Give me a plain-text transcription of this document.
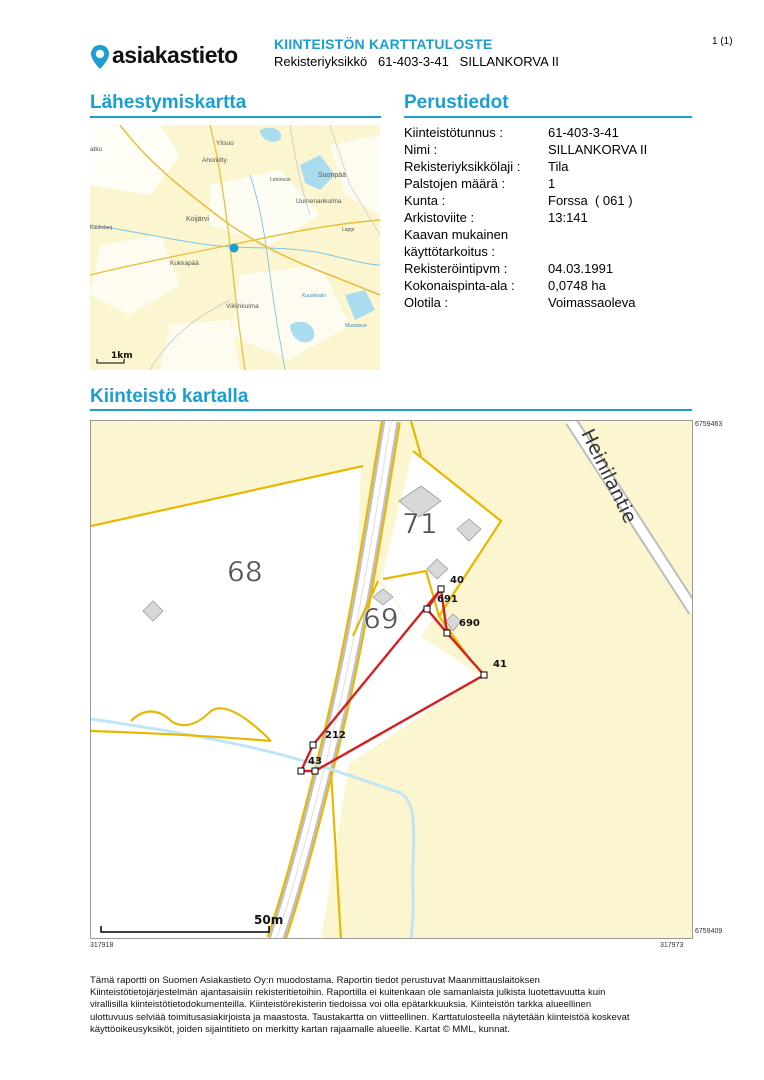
1 (1)
asiakastieto	KIINTEISTÖN KARTTATULOSTE
Rekisteriyksikkö   61-403-3-41   SILLANKORVA II
Lähestymiskartta
Ylisuo
Ahoniitty
Suonpää
Letonsuo
Uumenankulma
Koijärvi
Kukkapää
Viikinkulma
Kuusikoski
Mustasuo
atku
Kaukolanj	Lappi
1km
Perustiedot
Kiinteistötunnus :	61-403-3-41
Nimi :	SILLANKORVA II
Rekisteriyksikkölaji : Tila
Palstojen määrä :	1
Kunta :	Forssa  ( 061 )
Arkistoviite :	13:141
Kaavan mukainen
käyttötarkoitus :
Rekisteröintipvm :	04.03.1991
Kokonaispinta-ala :	0,0748 ha
Olotila :	Voimassaoleva
Kiinteistö kartalla
71
68
69
Heinilantie
40
691
690
41
212
43
50m
6759463
6759409
317918	317973
Tämä raportti on Suomen Asiakastieto Oy:n muodostama. Raportin tiedot perustuvat Maanmittauslaitoksen
Kiinteistötietojärjestelmän ajantasaisiin rekisteritietoihin. Raportilla ei kuitenkaan ole samanlaista julkista luotettavuutta kuin
virallisilla kiinteistötietodokumenteilla. Kiinteistörekisterin tiedoissa voi olla epätarkkuuksia. Kiinteistön tarkka alueellinen
ulottuvuus selviää toimitusasiakirjoista ja maastosta. Taustakartta on viitteellinen. Karttatulosteella näytetään kiinteistöä koskevat
käyttöoikeusyksiköt, joiden sijaintitieto on merkitty kartan rajaamalle alueelle. Kartat © MML, kunnat.
